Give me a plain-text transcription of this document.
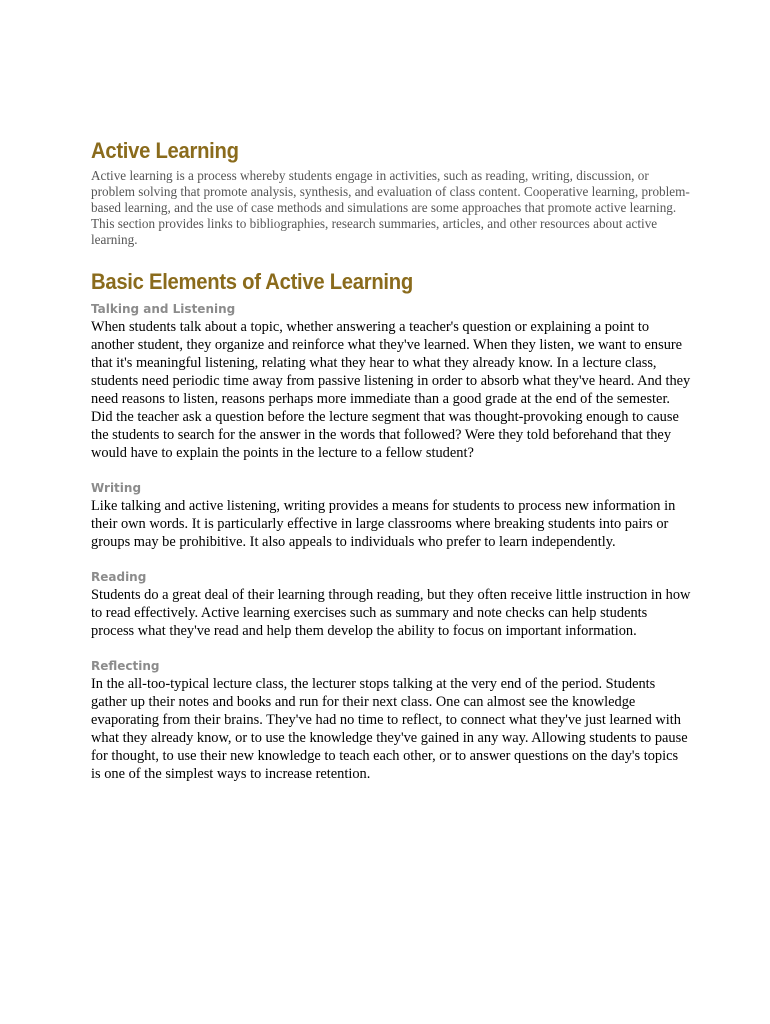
Active Learning

Active learning is a process whereby students engage in activities, such as reading, writing, discussion, or problem solving that promote analysis, synthesis, and evaluation of class content. Cooperative learning, problem-based learning, and the use of case methods and simulations are some approaches that promote active learning. This section provides links to bibliographies, research summaries, articles, and other resources about active learning.

Basic Elements of Active Learning
Talking and Listening

When students talk about a topic, whether answering a teacher's question or explaining a point to another student, they organize and reinforce what they've learned. When they listen, we want to ensure that it's meaningful listening, relating what they hear to what they already know. In a lecture class, students need periodic time away from passive listening in order to absorb what they've heard. And they need reasons to listen, reasons perhaps more immediate than a good grade at the end of the semester. Did the teacher ask a question before the lecture segment that was thought-provoking enough to cause the students to search for the answer in the words that followed? Were they told beforehand that they would have to explain the points in the lecture to a fellow student?

Writing

Like talking and active listening, writing provides a means for students to process new information in their own words. It is particularly effective in large classrooms where breaking students into pairs or groups may be prohibitive. It also appeals to individuals who prefer to learn independently.

Reading

Students do a great deal of their learning through reading, but they often receive little instruction in how to read effectively. Active learning exercises such as summary and note checks can help students process what they've read and help them develop the ability to focus on important information.

Reflecting

In the all-too-typical lecture class, the lecturer stops talking at the very end of the period. Students gather up their notes and books and run for their next class. One can almost see the knowledge evaporating from their brains. They've had no time to reflect, to connect what they've just learned with what they already know, or to use the knowledge they've gained in any way. Allowing students to pause for thought, to use their new knowledge to teach each other, or to answer questions on the day's topics is one of the simplest ways to increase retention.
